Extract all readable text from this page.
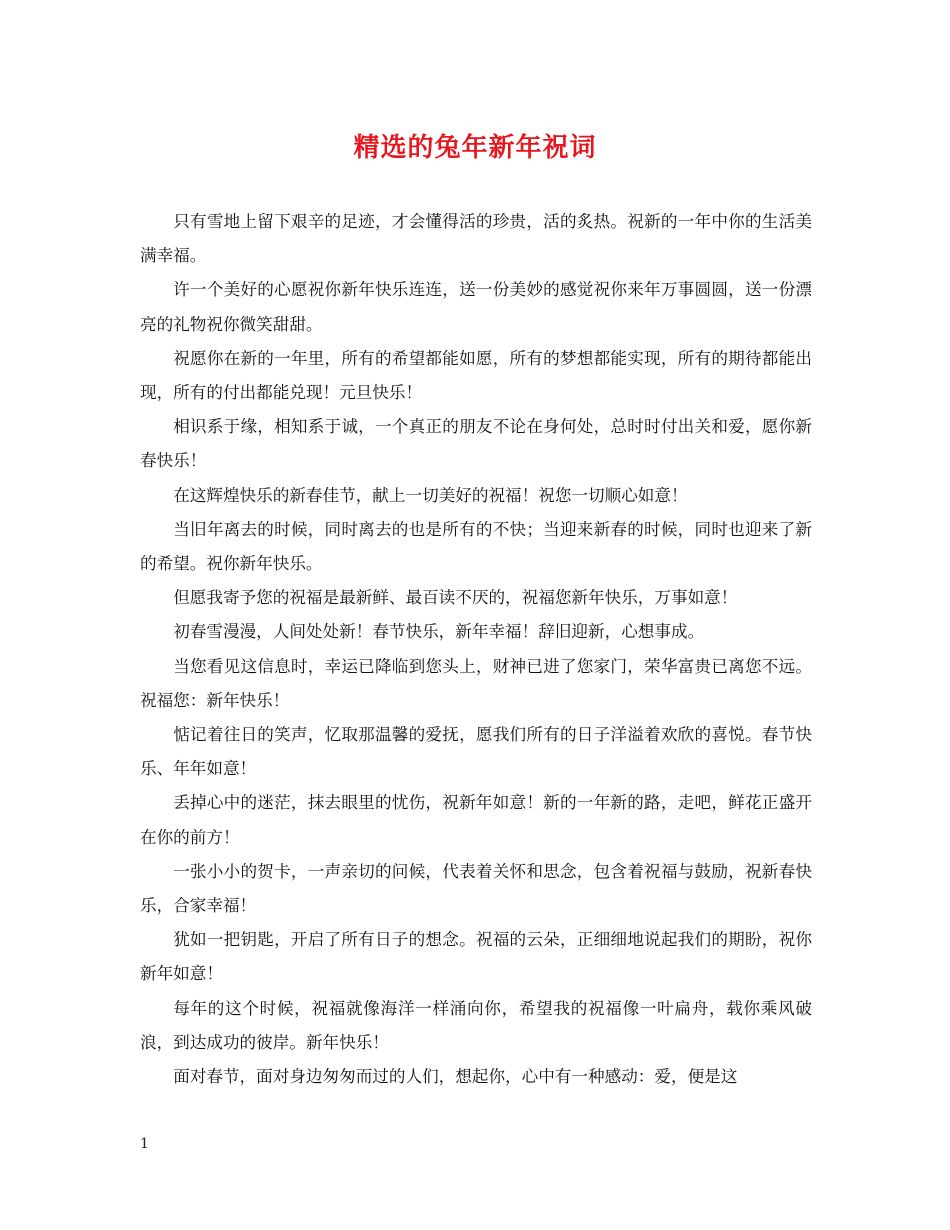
精选的兔年新年祝词

只有雪地上留下艰辛的足迹，才会懂得活的珍贵，活的炙热。祝新的一年中你的生活美满幸福。

许一个美好的心愿祝你新年快乐连连，送一份美妙的感觉祝你来年万事圆圆，送一份漂亮的礼物祝你微笑甜甜。

祝愿你在新的一年里，所有的希望都能如愿，所有的梦想都能实现，所有的期待都能出现，所有的付出都能兑现！元旦快乐！

相识系于缘，相知系于诚，一个真正的朋友不论在身何处，总时时付出关和爱，愿你新春快乐！

在这辉煌快乐的新春佳节，献上一切美好的祝福！祝您一切顺心如意！

当旧年离去的时候，同时离去的也是所有的不快；当迎来新春的时候，同时也迎来了新的希望。祝你新年快乐。

但愿我寄予您的祝福是最新鲜、最百读不厌的，祝福您新年快乐，万事如意！

初春雪漫漫，人间处处新！春节快乐，新年幸福！辞旧迎新，心想事成。

当您看见这信息时，幸运已降临到您头上，财神已进了您家门，荣华富贵已离您不远。祝福您：新年快乐！

惦记着往日的笑声，忆取那温馨的爱抚，愿我们所有的日子洋溢着欢欣的喜悦。春节快乐、年年如意！

丢掉心中的迷茫，抹去眼里的忧伤，祝新年如意！新的一年新的路，走吧，鲜花正盛开在你的前方！

一张小小的贺卡，一声亲切的问候，代表着关怀和思念，包含着祝福与鼓励，祝新春快乐，合家幸福！

犹如一把钥匙，开启了所有日子的想念。祝福的云朵，正细细地说起我们的期盼，祝你新年如意！

每年的这个时候，祝福就像海洋一样涌向你，希望我的祝福像一叶扁舟，载你乘风破浪，到达成功的彼岸。新年快乐！

面对春节，面对身边匆匆而过的人们，想起你，心中有一种感动：爱，便是这

1
